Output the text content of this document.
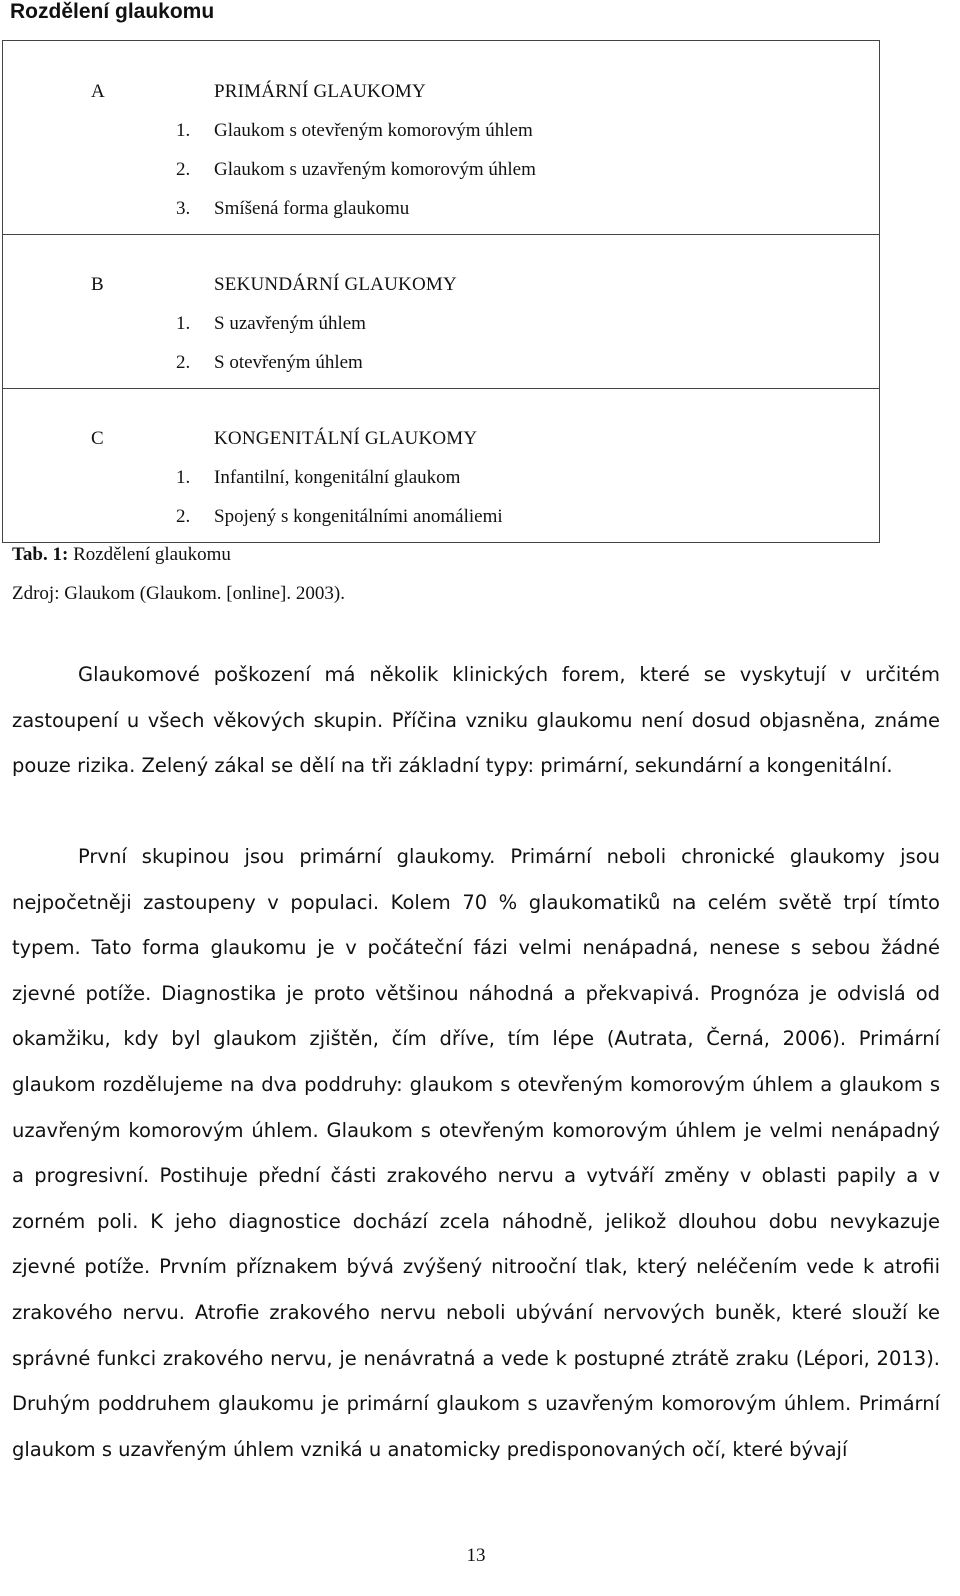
Rozdělení glaukomu
A	PRIMÁRNÍ GLAUKOMY
1. Glaukom s otevřeným komorovým úhlem
2. Glaukom s uzavřeným komorovým úhlem
3. Smíšená forma glaukomu
B	SEKUNDÁRNÍ GLAUKOMY
1. S uzavřeným úhlem
2. S otevřeným úhlem
C	KONGENITÁLNÍ GLAUKOMY
1. Infantilní, kongenitální glaukom
2. Spojený s kongenitálními anomáliemi
Tab. 1: Rozdělení glaukomu
Zdroj: Glaukom (Glaukom. [online]. 2003).

Glaukomové poškození má několik klinických forem, které se vyskytují v určitém zastoupení u všech věkových skupin. Příčina vzniku glaukomu není dosud objasněna, známe pouze rizika. Zelený zákal se dělí na tři základní typy: primární, sekundární a kongenitální.

První skupinou jsou primární glaukomy. Primární neboli chronické glaukomy jsou nejpočetněji zastoupeny v populaci. Kolem 70 % glaukomatiků na celém světě trpí tímto typem. Tato forma glaukomu je v počáteční fázi velmi nenápadná, nenese s sebou žádné zjevné potíže. Diagnostika je proto většinou náhodná a překvapivá. Prognóza je odvislá od okamžiku, kdy byl glaukom zjištěn, čím dříve, tím lépe (Autrata, Černá, 2006). Primární glaukom rozdělujeme na dva poddruhy: glaukom s otevřeným komorovým úhlem a glaukom s uzavřeným komorovým úhlem. Glaukom s otevřeným komorovým úhlem je velmi nenápadný a progresivní. Postihuje přední části zrakového nervu a vytváří změny v oblasti papily a v zorném poli. K jeho diagnostice dochází zcela náhodně, jelikož dlouhou dobu nevykazuje zjevné potíže. Prvním příznakem bývá zvýšený nitrooční tlak, který neléčením vede k atrofii zrakového nervu. Atrofie zrakového nervu neboli ubývání nervových buněk, které slouží ke správné funkci zrakového nervu, je nenávratná a vede k postupné ztrátě zraku (Lépori, 2013). Druhým poddruhem glaukomu je primární glaukom s uzavřeným komorovým úhlem. Primární glaukom s uzavřeným úhlem vzniká u anatomicky predisponovaných očí, které bývají

13
